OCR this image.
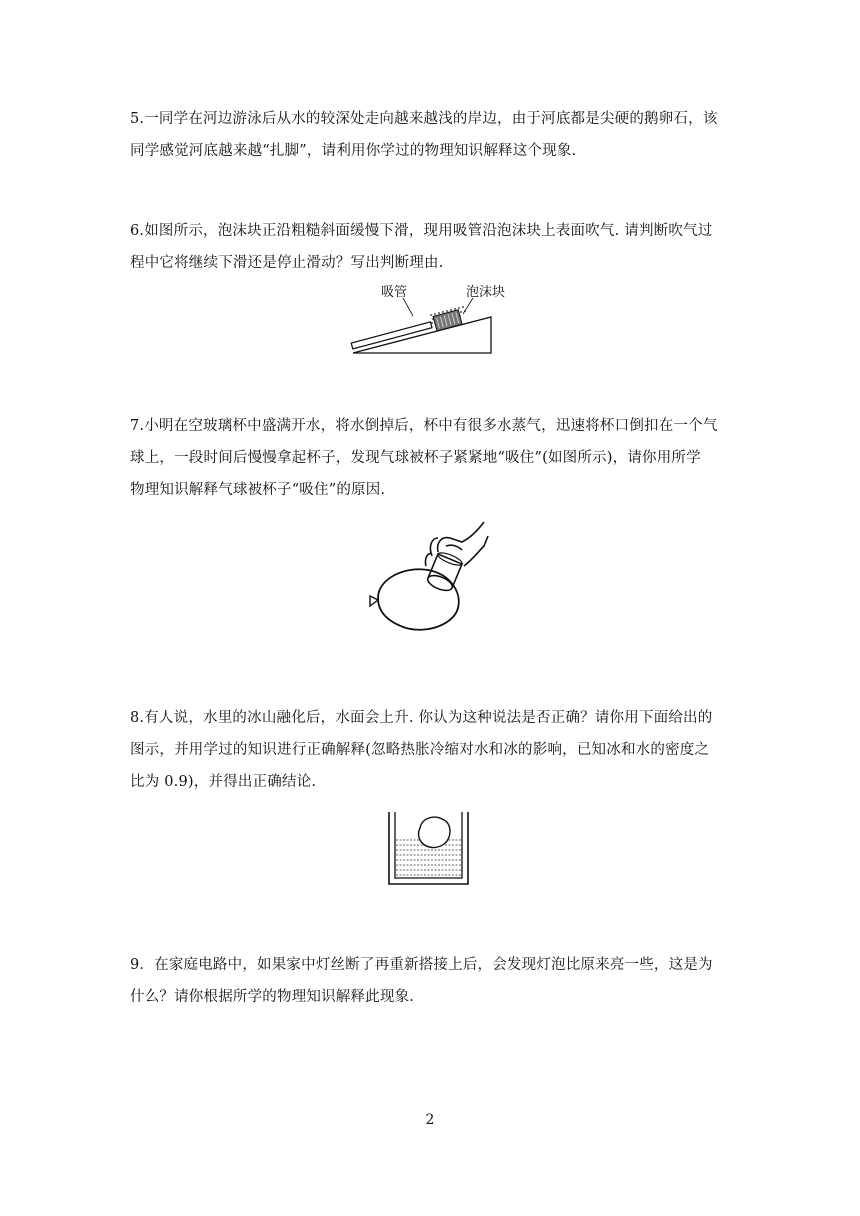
5.一同学在河边游泳后从水的较深处走向越来越浅的岸边，由于河底都是尖硬的鹅卵石，该
同学感觉河底越来越“扎脚”，请利用你学过的物理知识解释这个现象.
6.如图所示，泡沫块正沿粗糙斜面缓慢下滑，现用吸管沿泡沫块上表面吹气. 请判断吹气过
程中它将继续下滑还是停止滑动？写出判断理由.
吸管	泡沫块
7.小明在空玻璃杯中盛满开水，将水倒掉后，杯中有很多水蒸气，迅速将杯口倒扣在一个气
球上，一段时间后慢慢拿起杯子，发现气球被杯子紧紧地“吸住”(如图所示)，请你用所学
物理知识解释气球被杯子“吸住”的原因.
8.有人说，水里的冰山融化后，水面会上升. 你认为这种说法是否正确？请你用下面给出的
图示，并用学过的知识进行正确解释(忽略热胀冷缩对水和冰的影响，已知冰和水的密度之
比为 0.9)，并得出正确结论.
9．在家庭电路中，如果家中灯丝断了再重新搭接上后，会发现灯泡比原来亮一些，这是为
什么？请你根据所学的物理知识解释此现象.
2
